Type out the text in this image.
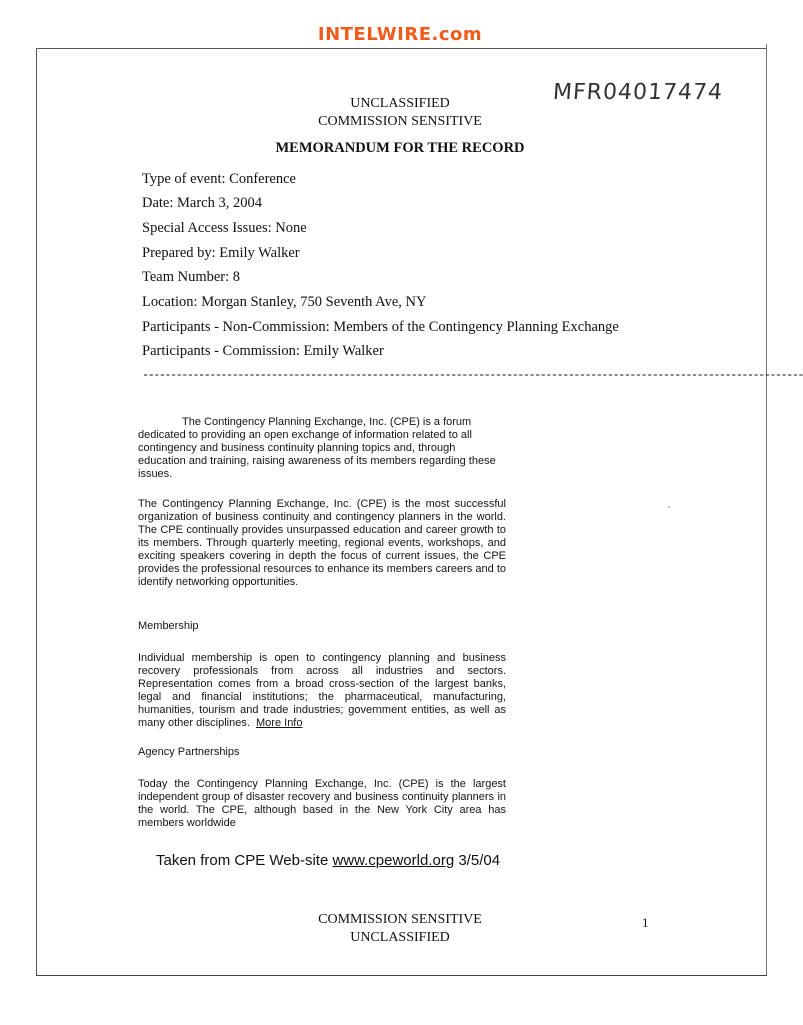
INTELWIRE.com
MFR04017474
UNCLASSIFIED
COMMISSION SENSITIVE
MEMORANDUM FOR THE RECORD
Type of event: Conference
Date: March 3, 2004
Special Access Issues: None
Prepared by: Emily Walker
Team Number: 8
Location: Morgan Stanley, 750 Seventh Ave, NY
Participants - Non-Commission: Members of the Contingency Planning Exchange
Participants - Commission: Emily Walker
----------------------------------------------------------------------------------------------------------------------
The Contingency Planning Exchange, Inc. (CPE) is a forum
dedicated to providing an open exchange of information related to all contingency and business continuity planning topics and, through education and training, raising awareness of its members regarding these issues.

The Contingency Planning Exchange, Inc. (CPE) is the most successful organization of business continuity and contingency planners in the world. The CPE continually provides unsurpassed education and career growth to its members. Through quarterly meeting, regional events, workshops, and exciting speakers covering in depth the focus of current issues, the CPE provides the professional resources to enhance its members careers and to identify networking opportunities.

Membership

Individual membership is open to contingency planning and business recovery professionals from across all industries and sectors. Representation comes from a broad cross-section of the largest banks, legal and financial institutions; the pharmaceutical, manufacturing, humanities, tourism and trade industries; government entities, as well as many other disciplines. More Info

Agency Partnerships

Today the Contingency Planning Exchange, Inc. (CPE) is the largest independent group of disaster recovery and business continuity planners in the world. The CPE, although based in the New York City area has members worldwide

Taken from CPE Web-site www.cpeworld.org 3/5/04
COMMISSION SENSITIVE
UNCLASSIFIED
1
